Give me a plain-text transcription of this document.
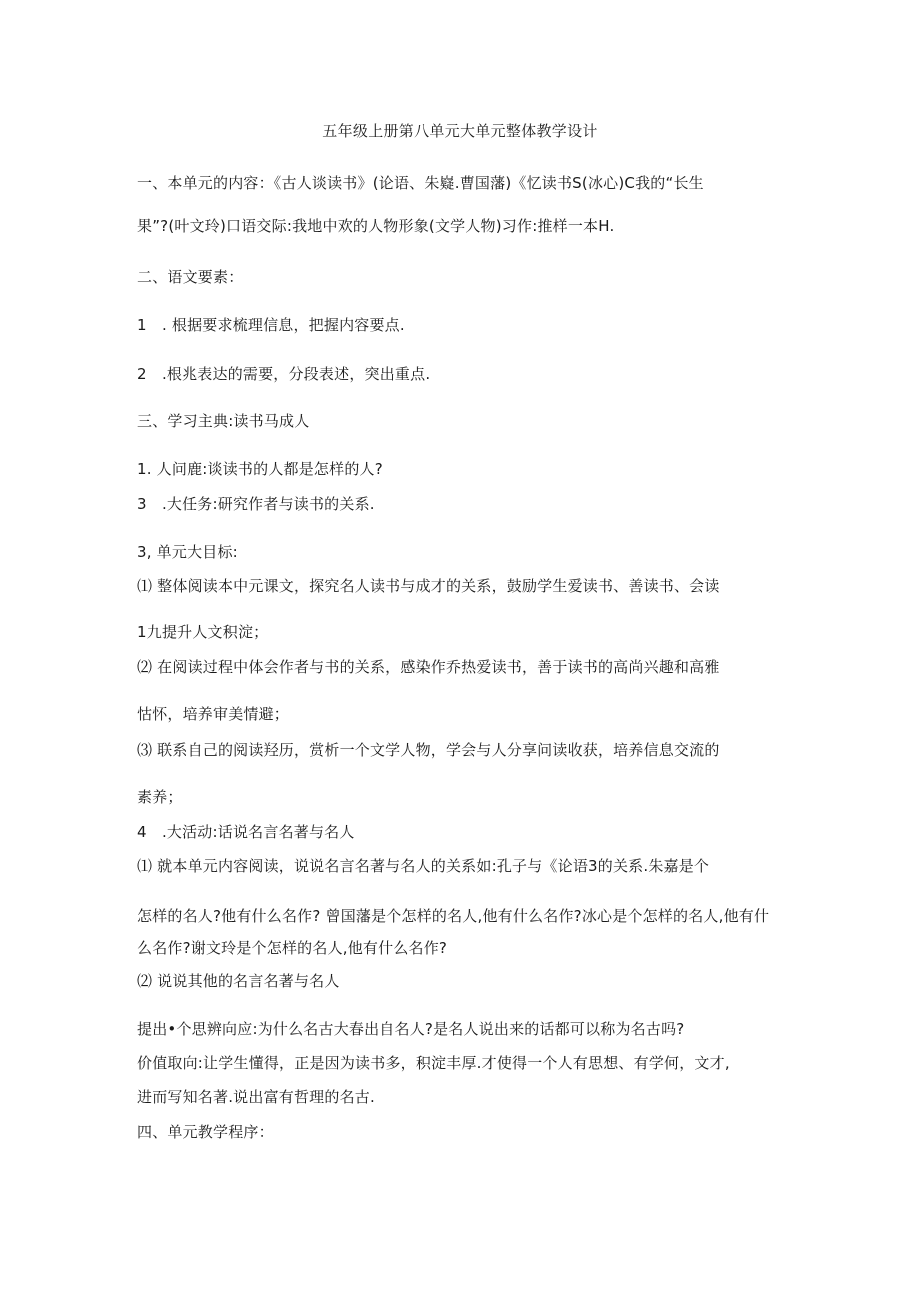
五年级上册第八单元大单元整体教学设计
一、本单元的内容：《古人谈读书》(论语、朱嶷.曹国藩)《忆读书S(冰心)C我的“长生
果”?(叶文玲)口语交际:我地中欢的人物形象(文学人物)习作:推样一本H.
二、语文要素：
1　. 根据要求梳理信息，把握内容要点.
2　.根兆表达的需要，分段表述，突出重点.
三、学习主典:读书马成人
1. 人问鹿:谈读书的人都是怎样的人?
3　.大任务:研究作者与读书的关系.
3, 单元大目标:
⑴ 整体阅读本中元课文，探究名人读书与成才的关系，鼓励学生爱读书、善读书、会读
1九提升人文积淀；
⑵ 在阅读过程中体会作者与书的关系，感染作乔热爱读书，善于读书的高尚兴趣和高雅
怙怀，培养审美情避；
⑶ 联系自己的阅读羟历，赏析一个文学人物，学会与人分享问读收获，培养信息交流的
素养；
4　.大活动:话说名言名著与名人
⑴ 就本单元内容阅读，说说名言名著与名人的关系如:孔子与《论语3的关系.朱嘉是个
怎样的名人?他有什么名作? 曾国藩是个怎样的名人,他有什么名作?冰心是个怎样的名人,他有什
么名作?谢文玲是个怎样的名人,他有什么名作?
⑵ 说说其他的名言名著与名人
提出•个思辨向应:为什么名古大春出自名人?是名人说出来的话都可以称为名古吗?
价值取向:让学生懂得，正是因为读书多，积淀丰厚.才使得一个人有思想、有学何，文才,
进而写知名著.说出富有哲理的名古.
四、单元教学程序：
